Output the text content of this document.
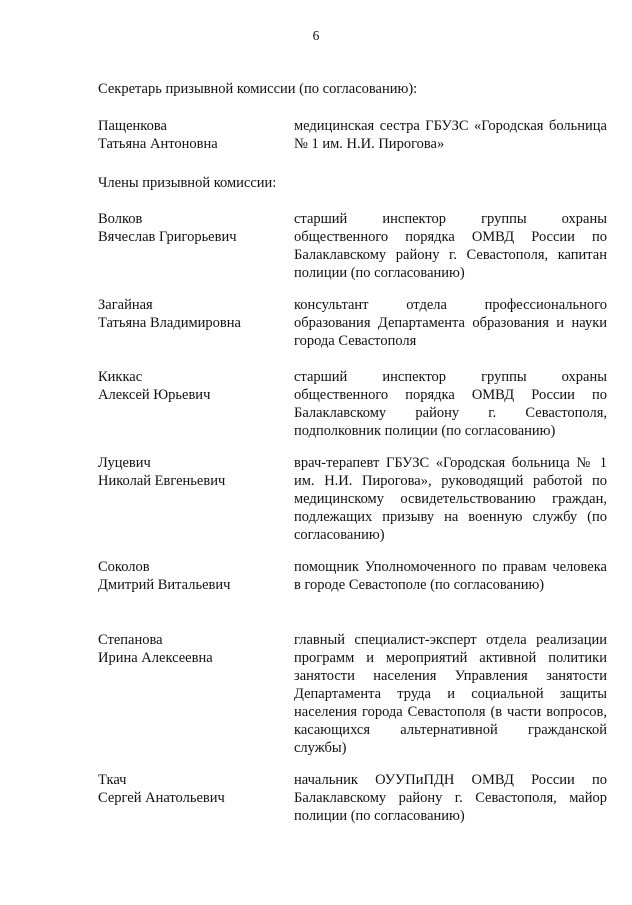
6
Секретарь призывной комиссии (по согласованию):
Пащенкова
Татьяна Антоновна
медицинская сестра ГБУЗС «Городская больница № 1 им. Н.И. Пирогова»
Члены призывной комиссии:
Волков
Вячеслав Григорьевич
старший инспектор группы охраны общественного порядка ОМВД России по Балаклавскому району г. Севастополя, капитан полиции (по согласованию)
Загайная
Татьяна Владимировна
консультант отдела профессионального образования Департамента образования и науки города Севастополя
Киккас
Алексей Юрьевич
старший инспектор группы охраны общественного порядка ОМВД России по Балаклавскому району г. Севастополя, подполковник полиции (по согласованию)
Луцевич
Николай Евгеньевич
врач-терапевт ГБУЗС «Городская больница № 1 им. Н.И. Пирогова», руководящий работой по медицинскому освидетельствованию граждан, подлежащих призыву на военную службу (по согласованию)
Соколов
Дмитрий Витальевич
помощник Уполномоченного по правам человека в городе Севастополе (по согласованию)
Степанова
Ирина Алексеевна
главный специалист-эксперт отдела реализации программ и мероприятий активной политики занятости населения Управления занятости Департамента труда и социальной защиты населения города Севастополя (в части вопросов, касающихся альтернативной гражданской службы)
Ткач
Сергей Анатольевич
начальник ОУУПиПДН ОМВД России по Балаклавскому району г. Севастополя, майор полиции (по согласованию)
